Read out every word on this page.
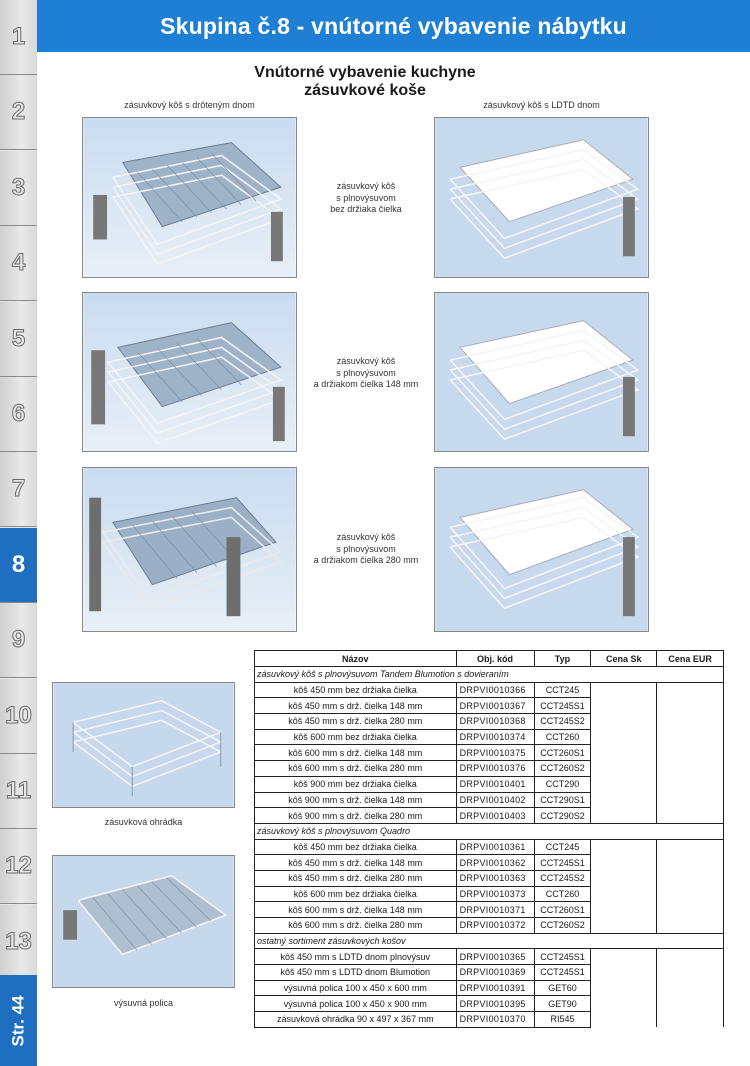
1
2
3
4
5
6
7
8
9
10
11
12
13
Str. 44
Skupina č.8 - vnútorné vybavenie nábytku
Vnútorné vybavenie kuchyne
zásuvkové koše
zásuvkový kôš s drôteným dnom	zásuvkový kôš s LDTD dnom
zásuvkový kôš
s plnovýsuvom
bez držiaka čielka
zásuvkový kôš
s plnovýsuvom
a držiakom čielka 148 mm
zásuvkový kôš
s plnovýsuvom
a držiakom čielka 280 mm
zásuvková ohrádka
výsuvná polica
Názov	Obj. kód	Typ	Cena Sk	Cena EUR
zásuvkový kôš s plnovýsuvom Tandem Blumotion s dovieraním				
kôš 450 mm bez držiaka čielka	DRPVI0010366	CCT245		
kôš 450 mm s drž. čielka 148 mm	DRPVI0010367	CCT245S1		
kôš 450 mm s drž. čielka 280 mm	DRPVI0010368	CCT245S2		
kôš 600 mm bez držiaka čielka	DRPVI0010374	CCT260		
kôš 600 mm s drž. čielka 148 mm	DRPVI0010375	CCT260S1		
kôš 600 mm s drž. čielka 280 mm	DRPVI0010376	CCT260S2		
kôš 900 mm bez držiaka čielka	DRPVI0010401	CCT290		
kôš 900 mm s drž. čielka 148 mm	DRPVI0010402	CCT290S1		
kôš 900 mm s drž. čielka 280 mm	DRPVI0010403	CCT290S2		
zásuvkový kôš s plnovýsuvom Quadro				
kôš 450 mm bez držiaka čielka	DRPVI0010361	CCT245		
kôš 450 mm s drž. čielka 148 mm	DRPVI0010362	CCT245S1		
kôš 450 mm s drž. čielka 280 mm	DRPVI0010363	CCT245S2		
kôš 600 mm bez držiaka čielka	DRPVI0010373	CCT260		
kôš 600 mm s drž. čielka 148 mm	DRPVI0010371	CCT260S1		
kôš 600 mm s drž. čielka 280 mm	DRPVI0010372	CCT260S2		
ostatný sortiment zásuvkových košov				
kôš 450 mm s LDTD dnom plnovýsuv	DRPVI0010365	CCT245S1		
kôš 450 mm s LDTD dnom Blumotion	DRPVI0010369	CCT245S1		
výsuvná polica 100 x 450 x 600 mm	DRPVI0010391	GET60		
výsuvná polica 100 x 450 x 900 mm	DRPVI0010395	GET90		
zásuvková ohrádka 90 x 497 x 367 mm	DRPVI0010370	RI545		
